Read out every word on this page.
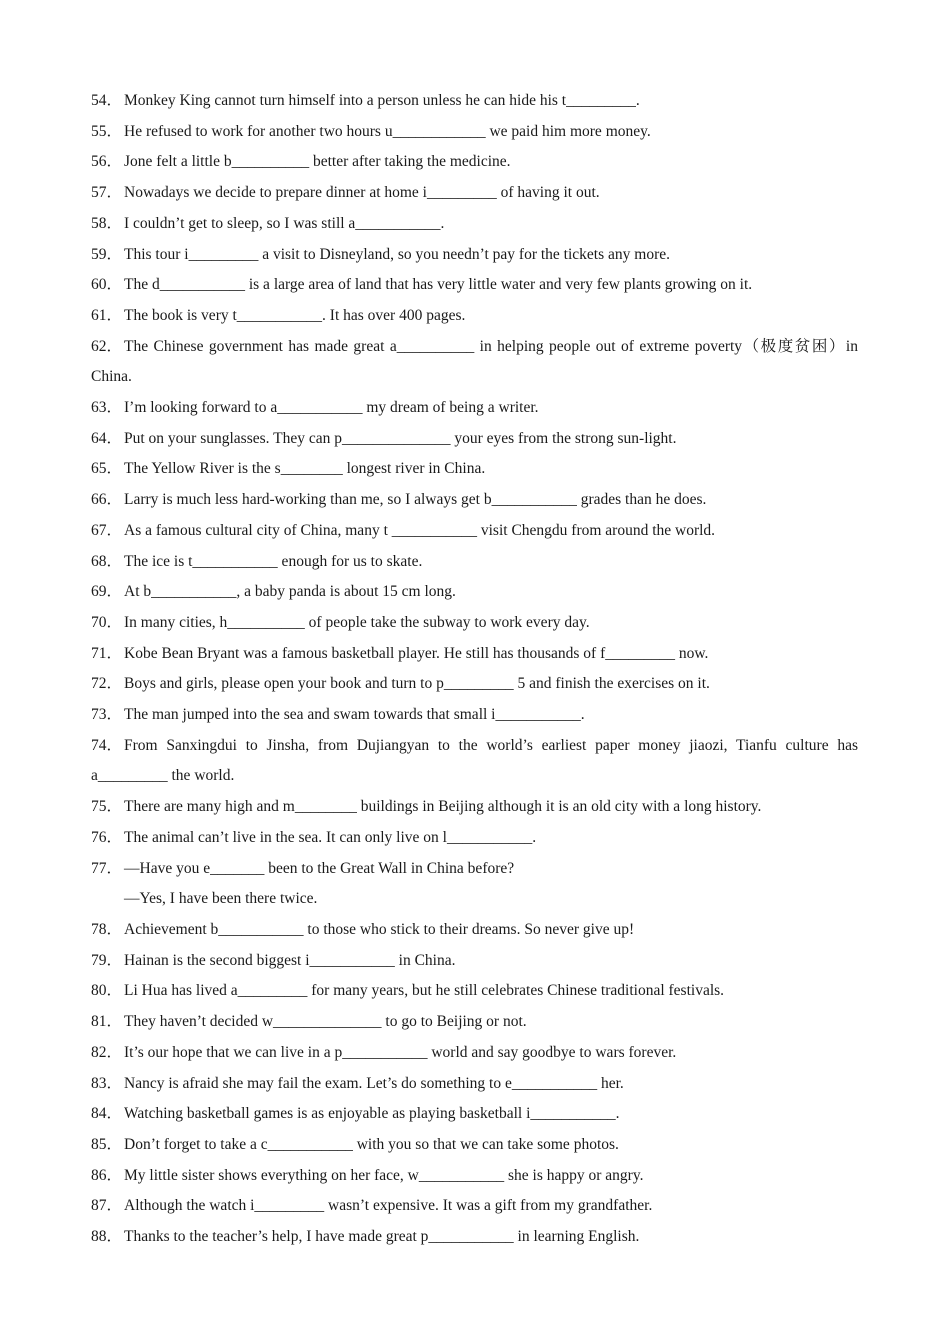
54． Monkey King cannot turn himself into a person unless he can hide his t_________.
55． He refused to work for another two hours u____________ we paid him more money.
56． Jone felt a little b__________ better after taking the medicine.
57． Nowadays we decide to prepare dinner at home i_________ of having it out.
58． I couldn’t get to sleep, so I was still a___________.
59． This tour i_________ a visit to Disneyland, so you needn’t pay for the tickets any more.
60． The d___________ is a large area of land that has very little water and very few plants growing on it.
61． The book is very t___________. It has over 400 pages.
62． The Chinese government has made great a__________ in helping people out of extreme poverty（极度贫困）in China.
63． I’m looking forward to a___________ my dream of being a writer.
64． Put on your sunglasses. They can p______________ your eyes from the strong sun-light.
65． The Yellow River is the s________ longest river in China.
66． Larry is much less hard-working than me, so I always get b___________ grades than he does.
67． As a famous cultural city of China, many t ___________ visit Chengdu from around the world.
68． The ice is t___________ enough for us to skate.
69． At b___________, a baby panda is about 15 cm long.
70． In many cities, h__________ of people take the subway to work every day.
71． Kobe Bean Bryant was a famous basketball player. He still has thousands of f_________ now.
72． Boys and girls, please open your book and turn to p_________ 5 and finish the exercises on it.
73． The man jumped into the sea and swam towards that small i___________.
74． From Sanxingdui to Jinsha, from Dujiangyan to the world’s earliest paper money jiaozi, Tianfu culture has a_________ the world.
75． There are many high and m________ buildings in Beijing although it is an old city with a long history.
76． The animal can’t live in the sea. It can only live on l___________.
77． —Have you e_______ been to the Great Wall in China before?
—Yes, I have been there twice.
78． Achievement b___________ to those who stick to their dreams. So never give up!
79． Hainan is the second biggest i___________ in China.
80． Li Hua has lived a_________ for many years, but he still celebrates Chinese traditional festivals.
81． They haven’t decided w______________ to go to Beijing or not.
82． It’s our hope that we can live in a p___________ world and say goodbye to wars forever.
83． Nancy is afraid she may fail the exam. Let’s do something to e___________ her.
84． Watching basketball games is as enjoyable as playing basketball i___________.
85． Don’t forget to take a c___________ with you so that we can take some photos.
86． My little sister shows everything on her face, w___________ she is happy or angry.
87． Although the watch i_________ wasn’t expensive. It was a gift from my grandfather.
88． Thanks to the teacher’s help, I have made great p___________ in learning English.
